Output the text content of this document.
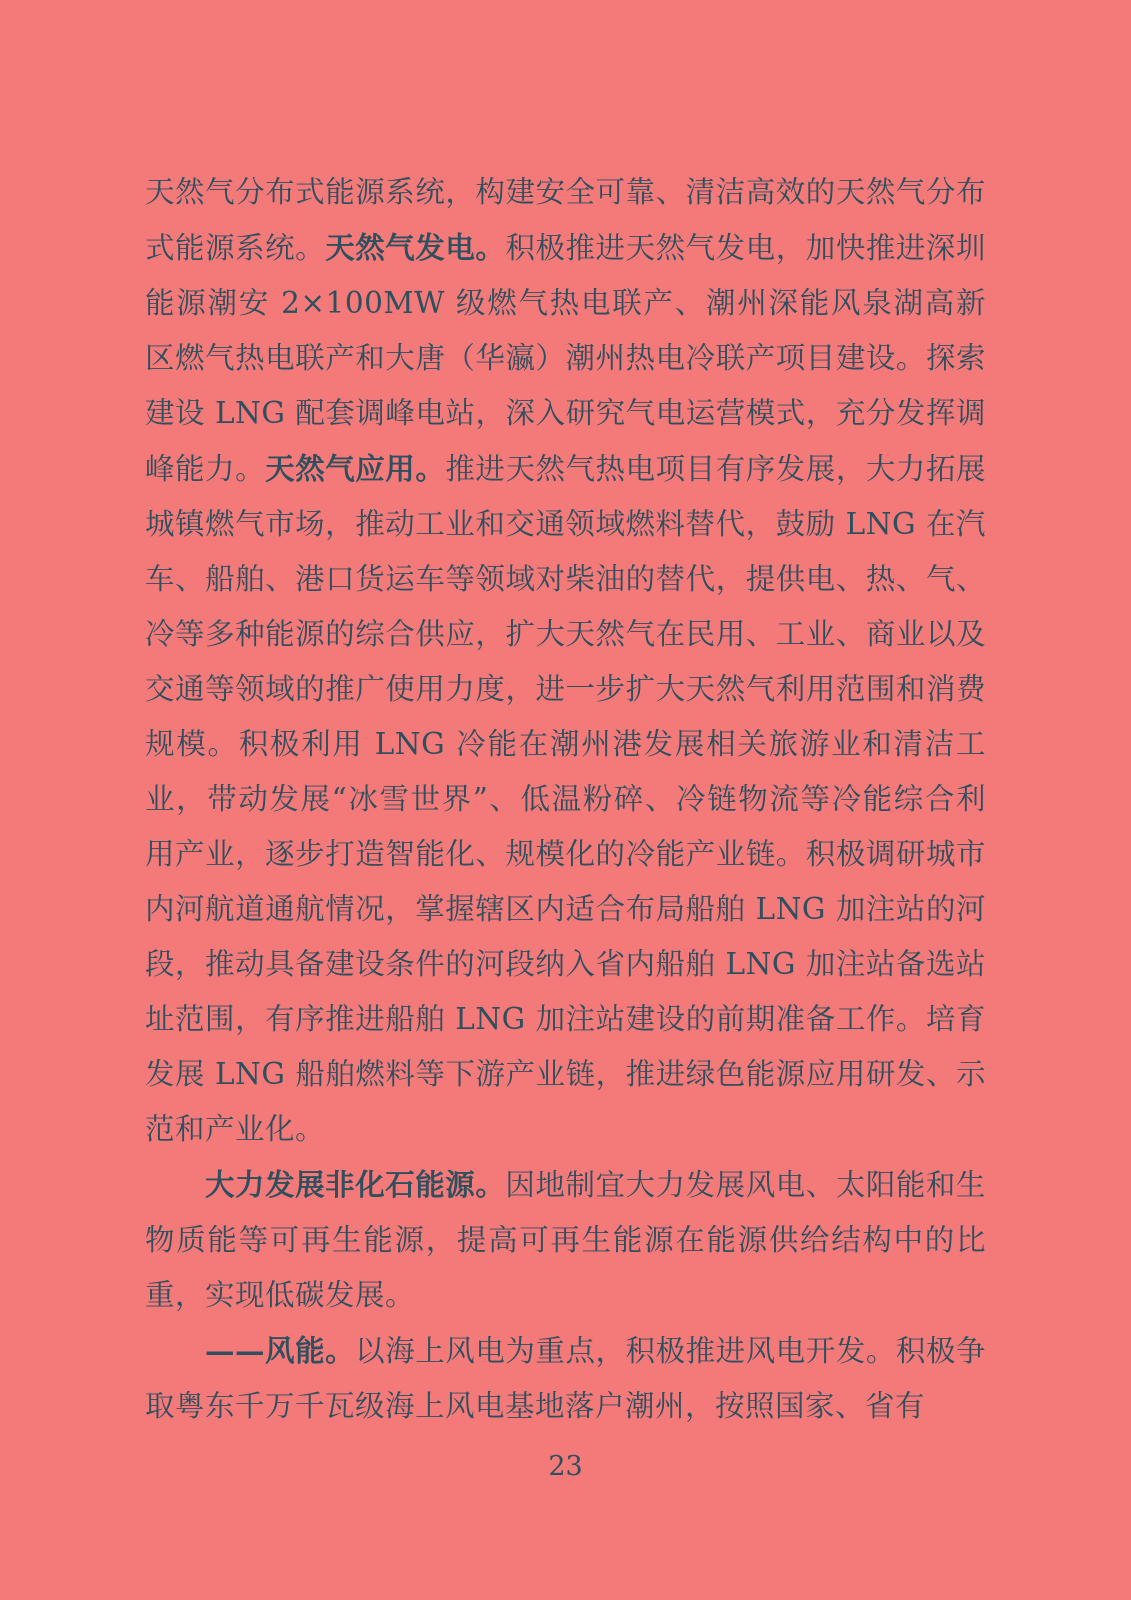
天然气分布式能源系统，构建安全可靠、清洁高效的天然气分布式能源系统。天然气发电。积极推进天然气发电，加快推进深圳能源潮安 2×100MW 级燃气热电联产、潮州深能风泉湖高新区燃气热电联产和大唐（华瀛）潮州热电冷联产项目建设。探索建设 LNG 配套调峰电站，深入研究气电运营模式，充分发挥调峰能力。天然气应用。推进天然气热电项目有序发展，大力拓展城镇燃气市场，推动工业和交通领域燃料替代，鼓励 LNG 在汽车、船舶、港口货运车等领域对柴油的替代，提供电、热、气、冷等多种能源的综合供应，扩大天然气在民用、工业、商业以及交通等领域的推广使用力度，进一步扩大天然气利用范围和消费规模。积极利用 LNG 冷能在潮州港发展相关旅游业和清洁工业，带动发展“冰雪世界”、低温粉碎、冷链物流等冷能综合利用产业，逐步打造智能化、规模化的冷能产业链。积极调研城市内河航道通航情况，掌握辖区内适合布局船舶 LNG 加注站的河段，推动具备建设条件的河段纳入省内船舶 LNG 加注站备选站址范围，有序推进船舶 LNG 加注站建设的前期准备工作。培育发展 LNG 船舶燃料等下游产业链，推进绿色能源应用研发、示范和产业化。

大力发展非化石能源。因地制宜大力发展风电、太阳能和生物质能等可再生能源，提高可再生能源在能源供给结构中的比重，实现低碳发展。

——风能。以海上风电为重点，积极推进风电开发。积极争取粤东千万千瓦级海上风电基地落户潮州，按照国家、省有

23
